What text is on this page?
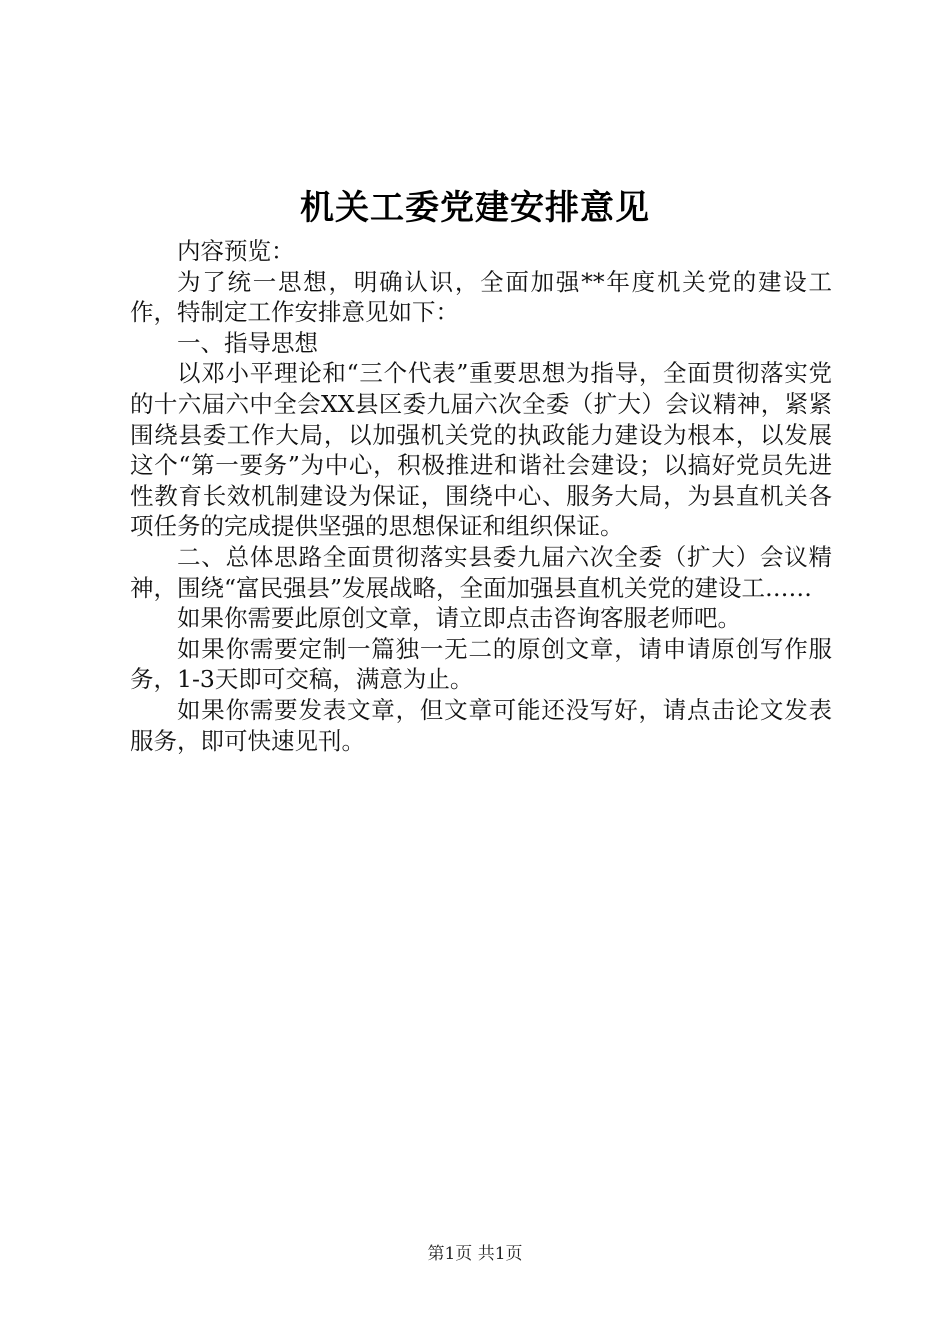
机关工委党建安排意见

内容预览：

为了统一思想，明确认识，全面加强**年度机关党的建设工作，特制定工作安排意见如下：

一、指导思想

以邓小平理论和“三个代表”重要思想为指导，全面贯彻落实党的十六届六中全会XX县区委九届六次全委（扩大）会议精神，紧紧围绕县委工作大局，以加强机关党的执政能力建设为根本，以发展这个“第一要务”为中心，积极推进和谐社会建设；以搞好党员先进性教育长效机制建设为保证，围绕中心、服务大局，为县直机关各项任务的完成提供坚强的思想保证和组织保证。

二、总体思路全面贯彻落实县委九届六次全委（扩大）会议精神，围绕“富民强县”发展战略，全面加强县直机关党的建设工……

如果你需要此原创文章，请立即点击咨询客服老师吧。

如果你需要定制一篇独一无二的原创文章，请申请原创写作服务，1-3天即可交稿，满意为止。

如果你需要发表文章，但文章可能还没写好，请点击论文发表服务，即可快速见刊。

第1页 共1页
